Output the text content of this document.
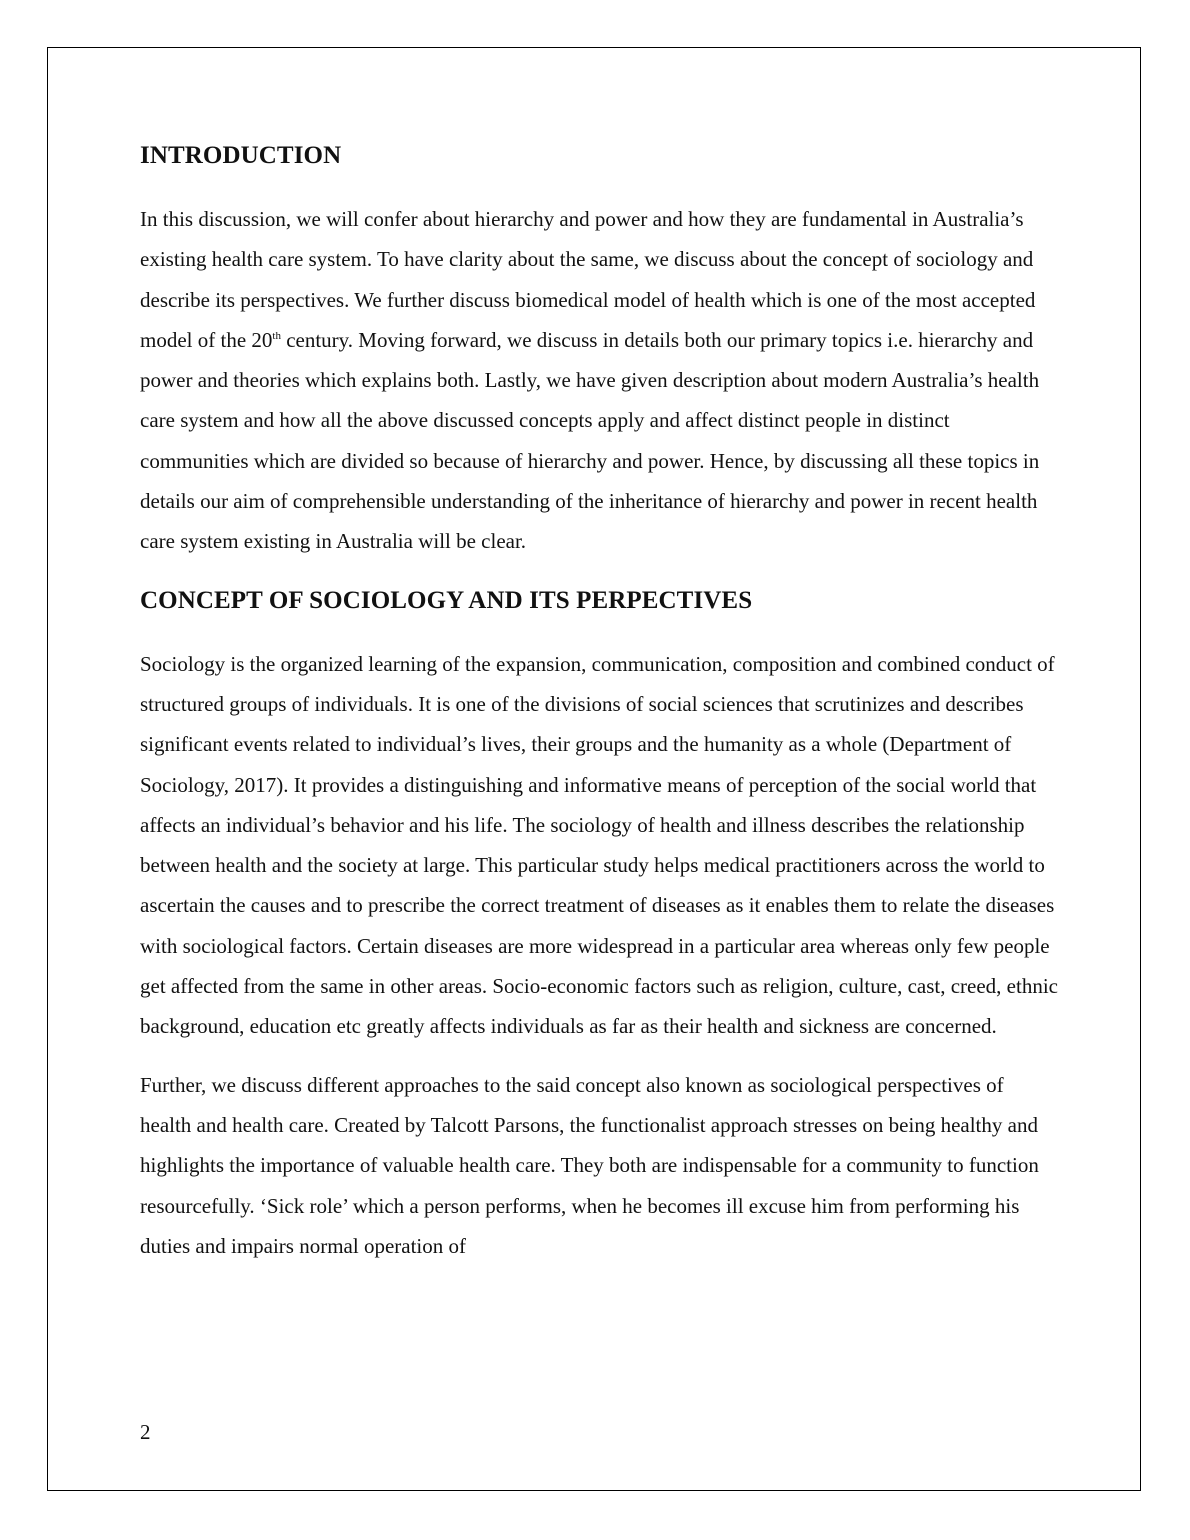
INTRODUCTION

In this discussion, we will confer about hierarchy and power and how they are fundamental in Australia’s existing health care system. To have clarity about the same, we discuss about the concept of sociology and describe its perspectives. We further discuss biomedical model of health which is one of the most accepted model of the 20th century. Moving forward, we discuss in details both our primary topics i.e. hierarchy and power and theories which explains both. Lastly, we have given description about modern Australia’s health care system and how all the above discussed concepts apply and affect distinct people in distinct communities which are divided so because of hierarchy and power. Hence, by discussing all these topics in details our aim of comprehensible understanding of the inheritance of hierarchy and power in recent health care system existing in Australia will be clear.

CONCEPT OF SOCIOLOGY AND ITS PERPECTIVES

Sociology is the organized learning of the expansion, communication, composition and combined conduct of structured groups of individuals. It is one of the divisions of social sciences that scrutinizes and describes significant events related to individual’s lives, their groups and the humanity as a whole (Department of Sociology, 2017). It provides a distinguishing and informative means of perception of the social world that affects an individual’s behavior and his life. The sociology of health and illness describes the relationship between health and the society at large. This particular study helps medical practitioners across the world to ascertain the causes and to prescribe the correct treatment of diseases as it enables them to relate the diseases with sociological factors. Certain diseases are more widespread in a particular area whereas only few people get affected from the same in other areas. Socio-economic factors such as religion, culture, cast, creed, ethnic background, education etc greatly affects individuals as far as their health and sickness are concerned.

Further, we discuss different approaches to the said concept also known as sociological perspectives of health and health care. Created by Talcott Parsons, the functionalist approach stresses on being healthy and highlights the importance of valuable health care. They both are indispensable for a community to function resourcefully. ‘Sick role’ which a person performs, when he becomes ill excuse him from performing his duties and impairs normal operation of

2
